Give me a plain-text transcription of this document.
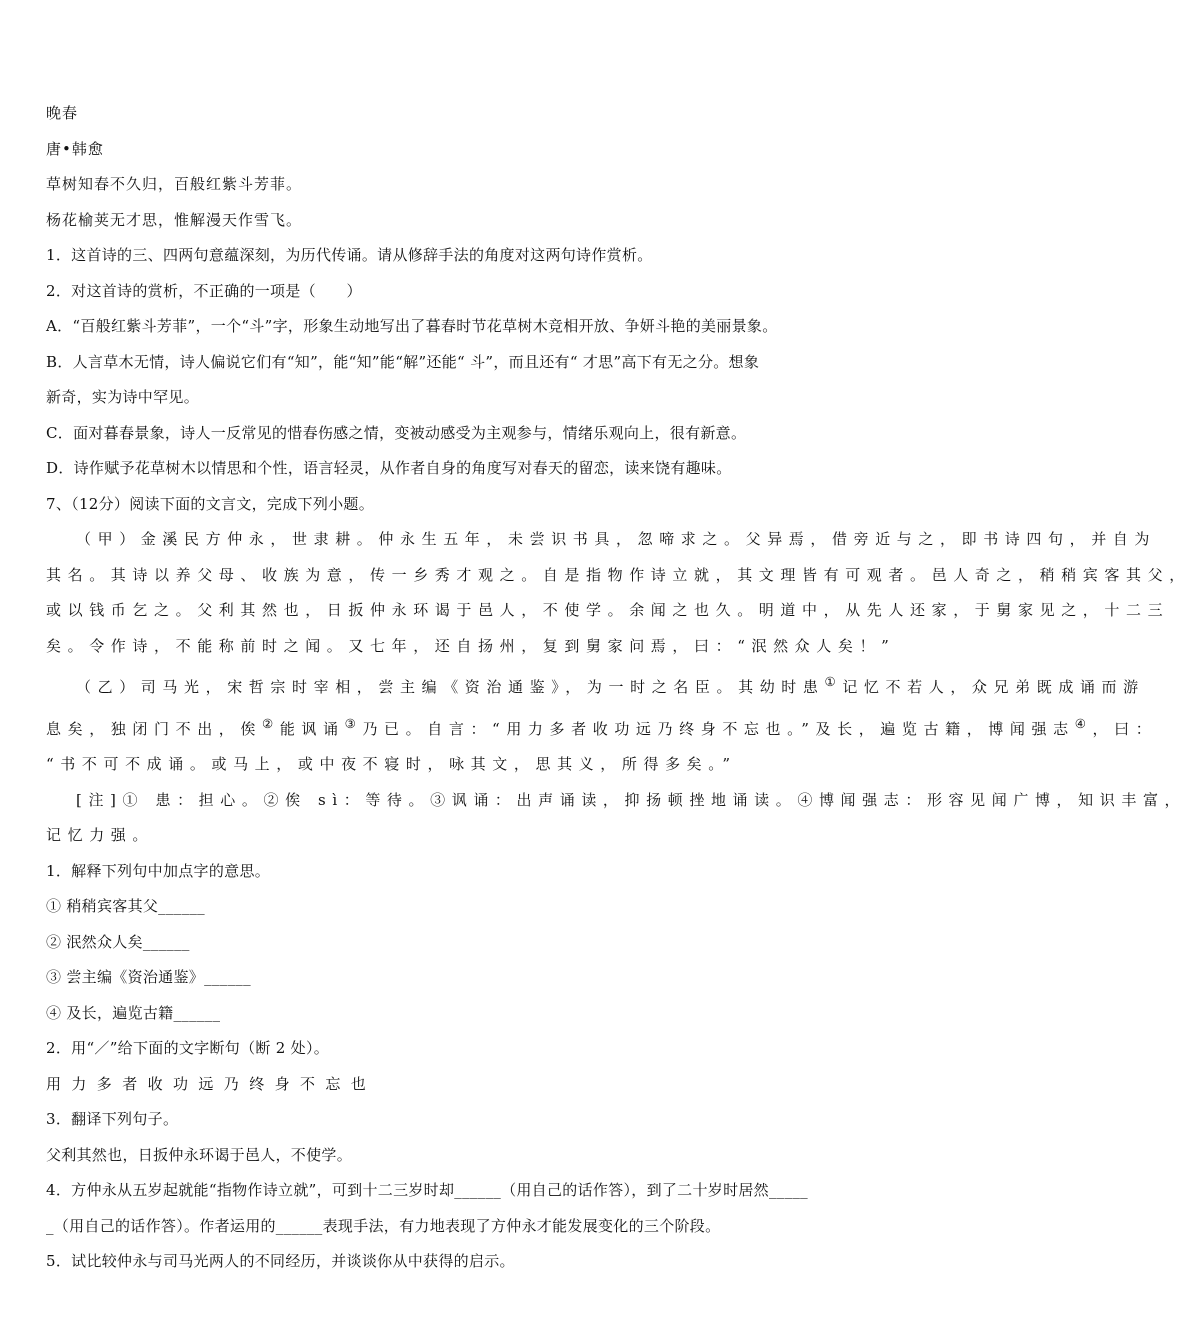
晚春
唐•韩愈
草树知春不久归，百般红紫斗芳菲。
杨花榆荚无才思，惟解漫天作雪飞。
1．这首诗的三、四两句意蕴深刻，为历代传诵。请从修辞手法的角度对这两句诗作赏析。
2．对这首诗的赏析，不正确的一项是（　　）
A．“百般红紫斗芳菲”，一个“斗”字，形象生动地写出了暮春时节花草树木竞相开放、争妍斗艳的美丽景象。
B．人言草木无情，诗人偏说它们有“知”，能“知”能“解”还能“ 斗”，而且还有“ 才思”高下有无之分。想象
新奇，实为诗中罕见。
C．面对暮春景象，诗人一反常见的惜春伤感之情，变被动感受为主观参与，情绪乐观向上，很有新意。
D．诗作赋予花草树木以情思和个性，语言轻灵，从作者自身的角度写对春天的留恋，读来饶有趣味。
7、（12分）阅读下面的文言文，完成下列小题。
（甲）金溪民方仲永，世隶耕。仲永生五年，未尝识书具，忽啼求之。父异焉，借旁近与之，即书诗四句，并自为
其名。其诗以养父母、收族为意，传一乡秀才观之。自是指物作诗立就，其文理皆有可观者。邑人奇之，稍稍宾客其父，
或以钱币乞之。父利其然也，日扳仲永环谒于邑人，不使学。余闻之也久。明道中，从先人还家，于舅家见之，十二三
矣。令作诗，不能称前时之闻。又七年，还自扬州，复到舅家问焉，曰：“泯然众人矣！”
（乙）司马光，宋哲宗时宰相，尝主编《资治通鉴》，为一时之名臣。其幼时患①记忆不若人，众兄弟既成诵而游
息矣，独闭门不出，俟②能讽诵③乃已。自言：“用力多者收功远乃终身不忘也。”及长，遍览古籍，博闻强志④，曰：
“书不可不成诵。或马上，或中夜不寝时，咏其文，思其义，所得多矣。”
[注]① 患：担心。②俟 sì：等待。③讽诵：出声诵读，抑扬顿挫地诵读。④博闻强志：形容见闻广博，知识丰富，
记忆力强。
1．解释下列句中加点字的意思。
① 稍稍宾客其父______
② 泯然众人矣______
③ 尝主编《资治通鉴》______
④ 及长，遍览古籍______
2．用“／”给下面的文字断句（断 2 处）。
用力多者收功远乃终身不忘也
3．翻译下列句子。
父利其然也，日扳仲永环谒于邑人，不使学。
4．方仲永从五岁起就能“指物作诗立就”，可到十二三岁时却______（用自己的话作答），到了二十岁时居然_____
_（用自己的话作答）。作者运用的______表现手法，有力地表现了方仲永才能发展变化的三个阶段。
5．试比较仲永与司马光两人的不同经历，并谈谈你从中获得的启示。
